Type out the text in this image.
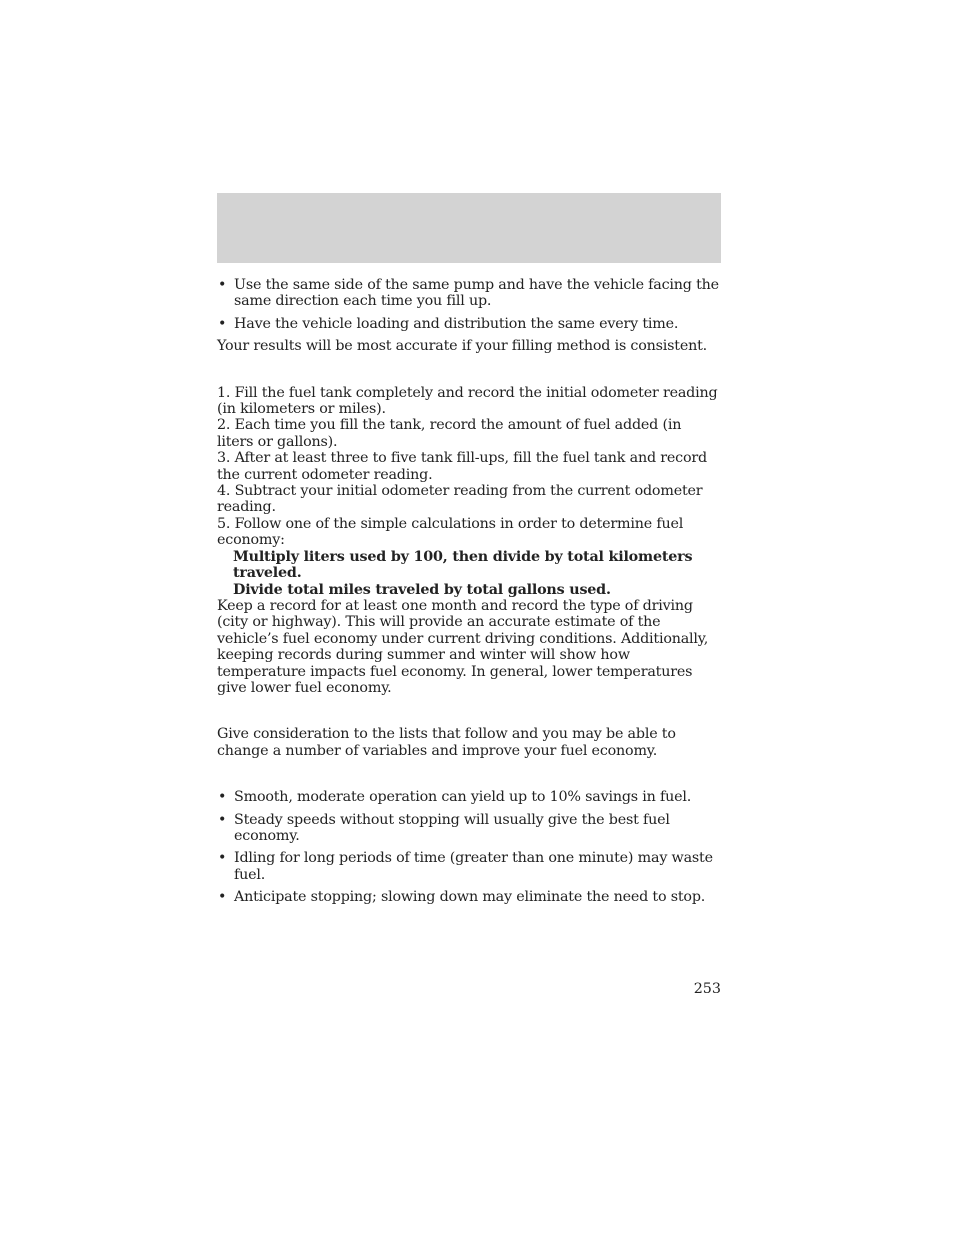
• Use the same side of the same pump and have the vehicle facing the same direction each time you fill up.
• Have the vehicle loading and distribution the same every time.

Your results will be most accurate if your filling method is consistent.

1. Fill the fuel tank completely and record the initial odometer reading (in kilometers or miles).

2. Each time you fill the tank, record the amount of fuel added (in liters or gallons).

3. After at least three to five tank fill-ups, fill the fuel tank and record the current odometer reading.

4. Subtract your initial odometer reading from the current odometer reading.

5. Follow one of the simple calculations in order to determine fuel economy:

Multiply liters used by 100, then divide by total kilometers traveled.

Divide total miles traveled by total gallons used.

Keep a record for at least one month and record the type of driving (city or highway). This will provide an accurate estimate of the vehicle’s fuel economy under current driving conditions. Additionally, keeping records during summer and winter will show how temperature impacts fuel economy. In general, lower temperatures give lower fuel economy.

Give consideration to the lists that follow and you may be able to change a number of variables and improve your fuel economy.

• Smooth, moderate operation can yield up to 10% savings in fuel.
• Steady speeds without stopping will usually give the best fuel economy.
• Idling for long periods of time (greater than one minute) may waste fuel.
• Anticipate stopping; slowing down may eliminate the need to stop.
253
